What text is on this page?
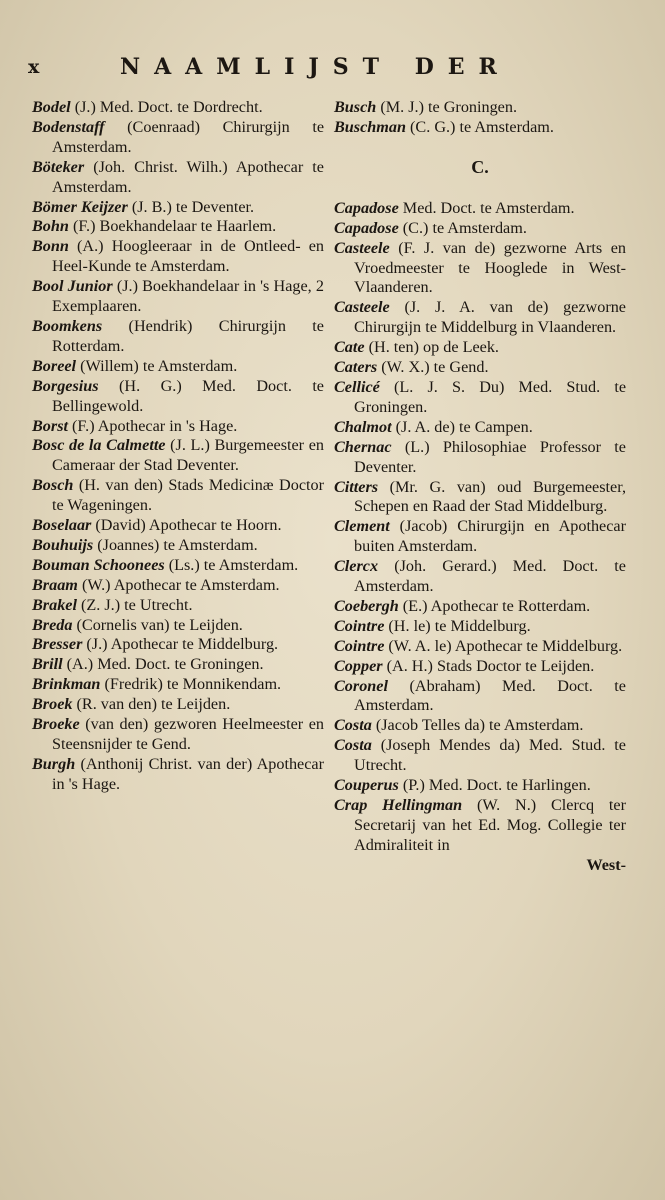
x	NAAMLIJST DER

Bodel (J.) Med. Doct. te Dordrecht.

Bodenstaff (Coenraad) Chirurgijn te Amsterdam.

Böteker (Joh. Christ. Wilh.) Apothecar te Amsterdam.

Bömer Keijzer (J. B.) te Deventer.

Bohn (F.) Boekhandelaar te Haarlem.

Bonn (A.) Hoogleeraar in de Ontleed- en Heel-Kunde te Amsterdam.

Bool Junior (J.) Boekhandelaar in 's Hage, 2 Exemplaaren.

Boomkens (Hendrik) Chirurgijn te Rotterdam.

Boreel (Willem) te Amsterdam.

Borgesius (H. G.) Med. Doct. te Bellingewold.

Borst (F.) Apothecar in 's Hage.

Bosc de la Calmette (J. L.) Burgemeester en Cameraar der Stad Deventer.

Bosch (H. van den) Stads Medicinæ Doctor te Wageningen.

Boselaar (David) Apothecar te Hoorn.

Bouhuijs (Joannes) te Amsterdam.

Bouman Schoonees (Ls.) te Amsterdam.

Braam (W.) Apothecar te Amsterdam.

Brakel (Z. J.) te Utrecht.

Breda (Cornelis van) te Leijden.

Bresser (J.) Apothecar te Middelburg.

Brill (A.) Med. Doct. te Groningen.

Brinkman (Fredrik) te Monnikendam.

Broek (R. van den) te Leijden.

Broeke (van den) gezworen Heelmeester en Steensnijder te Gend.

Burgh (Anthonij Christ. van der) Apothecar in 's Hage.

Busch (M. J.) te Groningen.

Buschman (C. G.) te Amsterdam.

C.

Capadose Med. Doct. te Amsterdam.

Capadose (C.) te Amsterdam.

Casteele (F. J. van de) gezworne Arts en Vroedmeester te Hooglede in West-Vlaanderen.

Casteele (J. J. A. van de) gezworne Chirurgijn te Middelburg in Vlaanderen.

Cate (H. ten) op de Leek.

Caters (W. X.) te Gend.

Cellicé (L. J. S. Du) Med. Stud. te Groningen.

Chalmot (J. A. de) te Campen.

Chernac (L.) Philosophiae Professor te Deventer.

Citters (Mr. G. van) oud Burgemeester, Schepen en Raad der Stad Middelburg.

Clement (Jacob) Chirurgijn en Apothecar buiten Amsterdam.

Clercx (Joh. Gerard.) Med. Doct. te Amsterdam.

Coebergh (E.) Apothecar te Rotterdam.

Cointre (H. le) te Middelburg.

Cointre (W. A. le) Apothecar te Middelburg.

Copper (A. H.) Stads Doctor te Leijden.

Coronel (Abraham) Med. Doct. te Amsterdam.

Costa (Jacob Telles da) te Amsterdam.

Costa (Joseph Mendes da) Med. Stud. te Utrecht.

Couperus (P.) Med. Doct. te Harlingen.

Crap Hellingman (W. N.) Clercq ter Secretarij van het Ed. Mog. Collegie ter Admiraliteit in

West-
